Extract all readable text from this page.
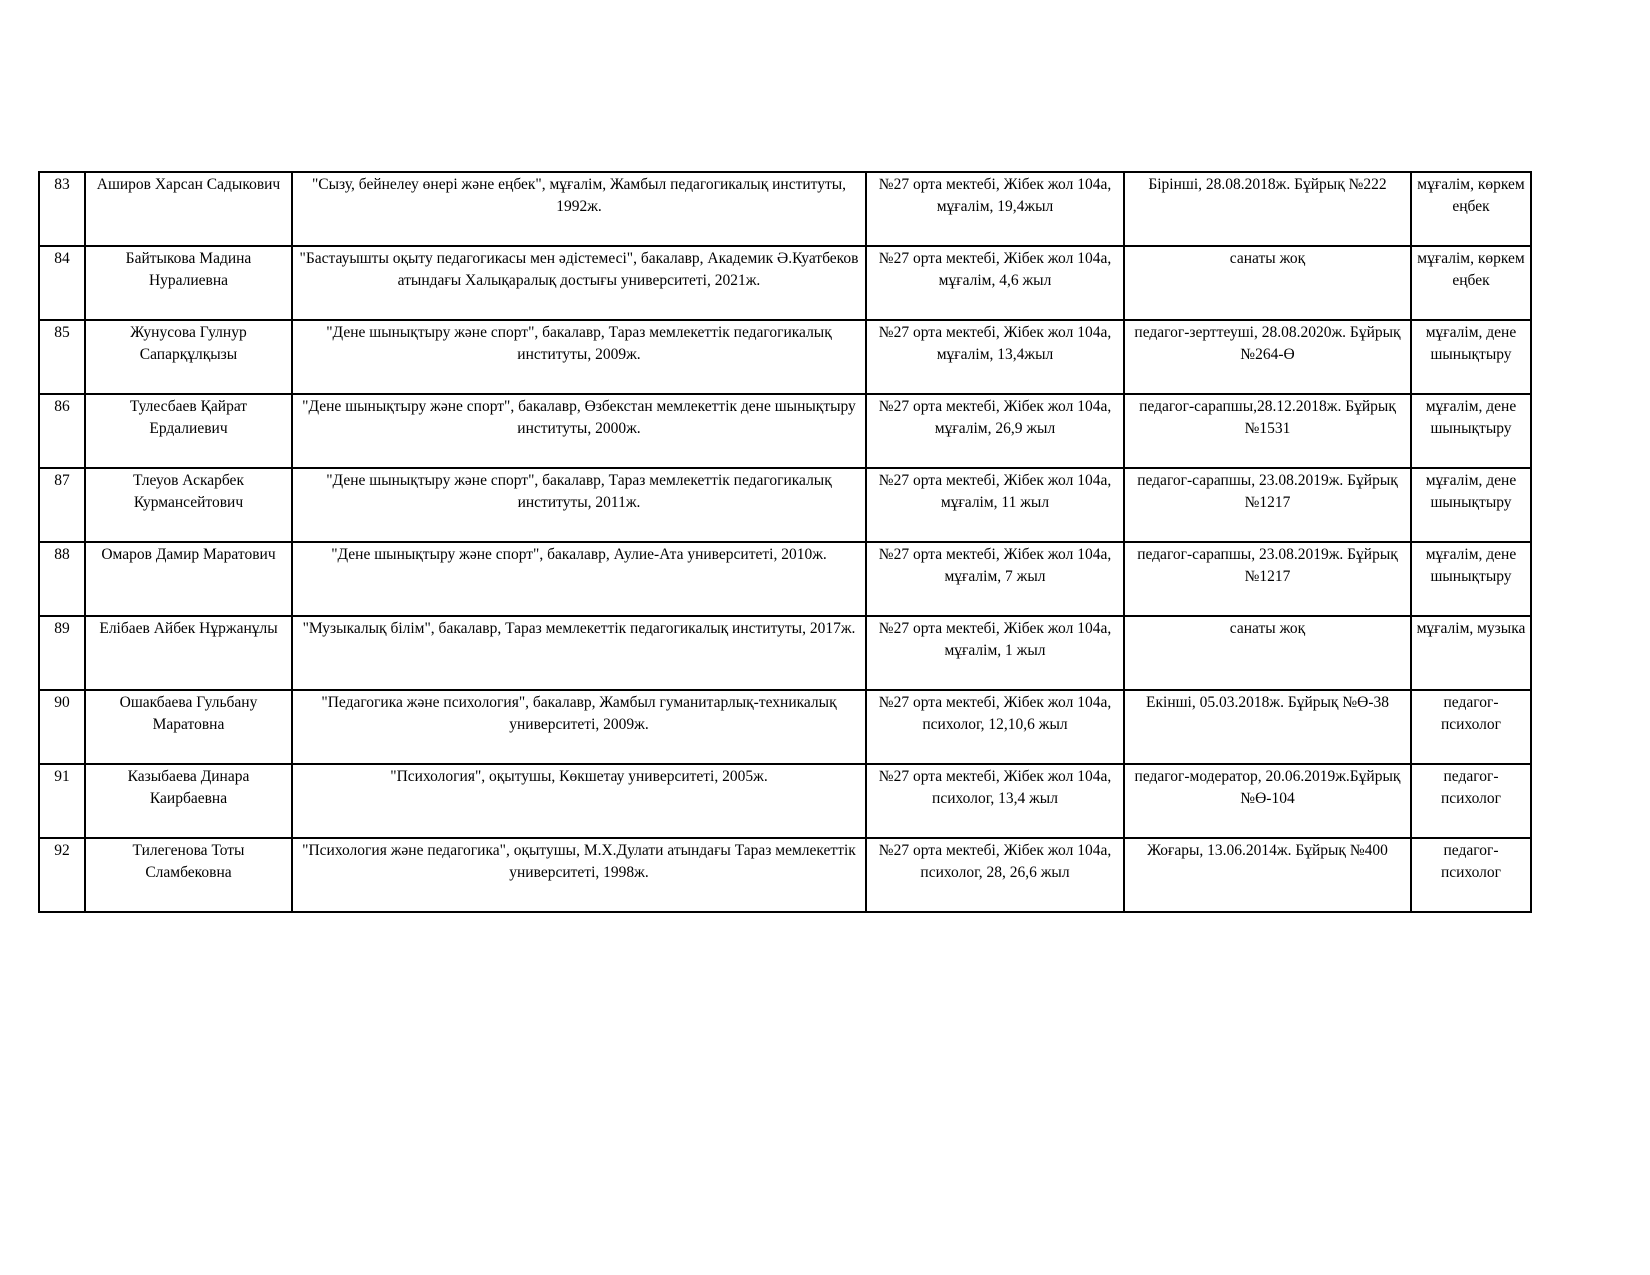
83	Аширов Харсан Садыкович	"Сызу, бейнелеу өнері және еңбек", мұғалім, Жамбыл педагогикалық институты, 1992ж.	№27 орта мектебі, Жібек жол 104а, мұғалім, 19,4жыл	Бірінші, 28.08.2018ж. Бұйрық №222	мұғалім, көркем еңбек
84	Байтыкова Мадина Нуралиевна	"Бастауышты оқыту педагогикасы мен әдістемесі", бакалавр, Академик Ә.Куатбеков атындағы Халықаралық достығы университеті, 2021ж.	№27 орта мектебі, Жібек жол 104а, мұғалім, 4,6 жыл	санаты жоқ	мұғалім, көркем еңбек
85	Жунусова Гулнур Сапарқұлқызы	"Дене шынықтыру және спорт", бакалавр, Тараз мемлекеттік педагогикалық институты, 2009ж.	№27 орта мектебі, Жібек жол 104а, мұғалім, 13,4жыл	педагог-зерттеуші, 28.08.2020ж. Бұйрық №264-Ө	мұғалім, дене шынықтыру
86	Тулесбаев Қайрат Ердалиевич	"Дене шынықтыру және спорт", бакалавр, Өзбекстан мемлекеттік дене шынықтыру институты, 2000ж.	№27 орта мектебі, Жібек жол 104а, мұғалім, 26,9 жыл	педагог-сарапшы,28.12.2018ж. Бұйрық №1531	мұғалім, дене шынықтыру
87	Тлеуов Аскарбек Курмансейтович	"Дене шынықтыру және спорт", бакалавр, Тараз мемлекеттік педагогикалық институты, 2011ж.	№27 орта мектебі, Жібек жол 104а, мұғалім, 11 жыл	педагог-сарапшы, 23.08.2019ж. Бұйрық №1217	мұғалім, дене шынықтыру
88	Омаров Дамир Маратович	"Дене шынықтыру және спорт", бакалавр, Аулие-Ата университеті, 2010ж.	№27 орта мектебі, Жібек жол 104а, мұғалім, 7 жыл	педагог-сарапшы, 23.08.2019ж. Бұйрық №1217	мұғалім, дене шынықтыру
89	Елібаев Айбек Нұржанұлы	"Музыкалық білім", бакалавр, Тараз мемлекеттік педагогикалық институты, 2017ж.	№27 орта мектебі, Жібек жол 104а, мұғалім, 1 жыл	санаты жоқ	мұғалім, музыка
90	Ошакбаева Гульбану Маратовна	"Педагогика және психология", бакалавр, Жамбыл гуманитарлық-техникалық университеті, 2009ж.	№27 орта мектебі, Жібек жол 104а, психолог, 12,10,6 жыл	Екінші, 05.03.2018ж. Бұйрық №Ө-38	педагог-психолог
91	Казыбаева Динара Каирбаевна	"Психология", оқытушы, Көкшетау университеті, 2005ж.	№27 орта мектебі, Жібек жол 104а, психолог, 13,4 жыл	педагог-модератор, 20.06.2019ж.Бұйрық №Ө-104	педагог-психолог
92	Тилегенова Тоты Сламбековна	"Психология және педагогика", оқытушы, М.Х.Дулати атындағы Тараз мемлекеттік университеті, 1998ж.	№27 орта мектебі, Жібек жол 104а, психолог, 28, 26,6 жыл	Жоғары, 13.06.2014ж. Бұйрық №400	педагог-психолог
